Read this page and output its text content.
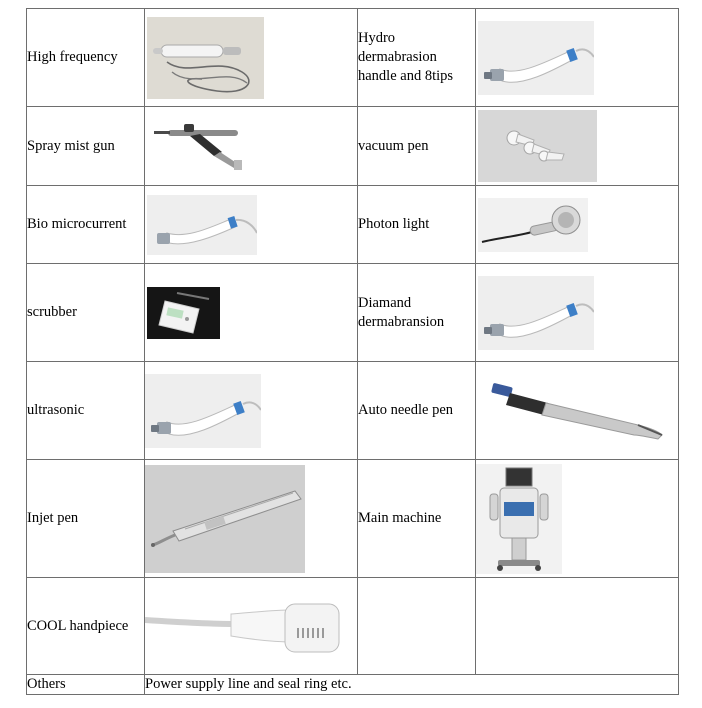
High frequency		Hydro dermabrasion handle and 8tips	

Spray mist gun		vacuum pen	

Bio microcurrent		Photon light	

scrubber		Diamand dermabransion	

ultrasonic		Auto needle pen	

Injet pen		Main machine	

COOL handpiece	

Others	Power supply line and seal ring etc.		
